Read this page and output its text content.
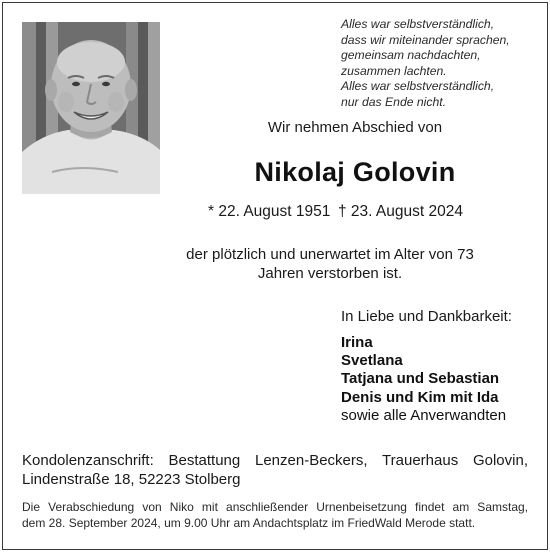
Alles war selbstverständlich,
dass wir miteinander sprachen,
gemeinsam nachdachten,
zusammen lachten.
Alles war selbstverständlich,
nur das Ende nicht.
Wir nehmen Abschied von
Nikolaj Golovin
* 22. August 1951 † 23. August 2024
der plötzlich und unerwartet im Alter von 73
Jahren verstorben ist.
In Liebe und Dankbarkeit:
Irina
Svetlana
Tatjana und Sebastian
Denis und Kim mit Ida
sowie alle Anverwandten
Kondolenzanschrift: Bestattung Lenzen-Beckers, Trauerhaus Golovin,
Lindenstraße 18, 52223 Stolberg
Die Verabschiedung von Niko mit anschließender Urnenbeisetzung findet am Samstag,
dem 28. September 2024, um 9.00 Uhr am Andachtsplatz im FriedWald Merode statt.
